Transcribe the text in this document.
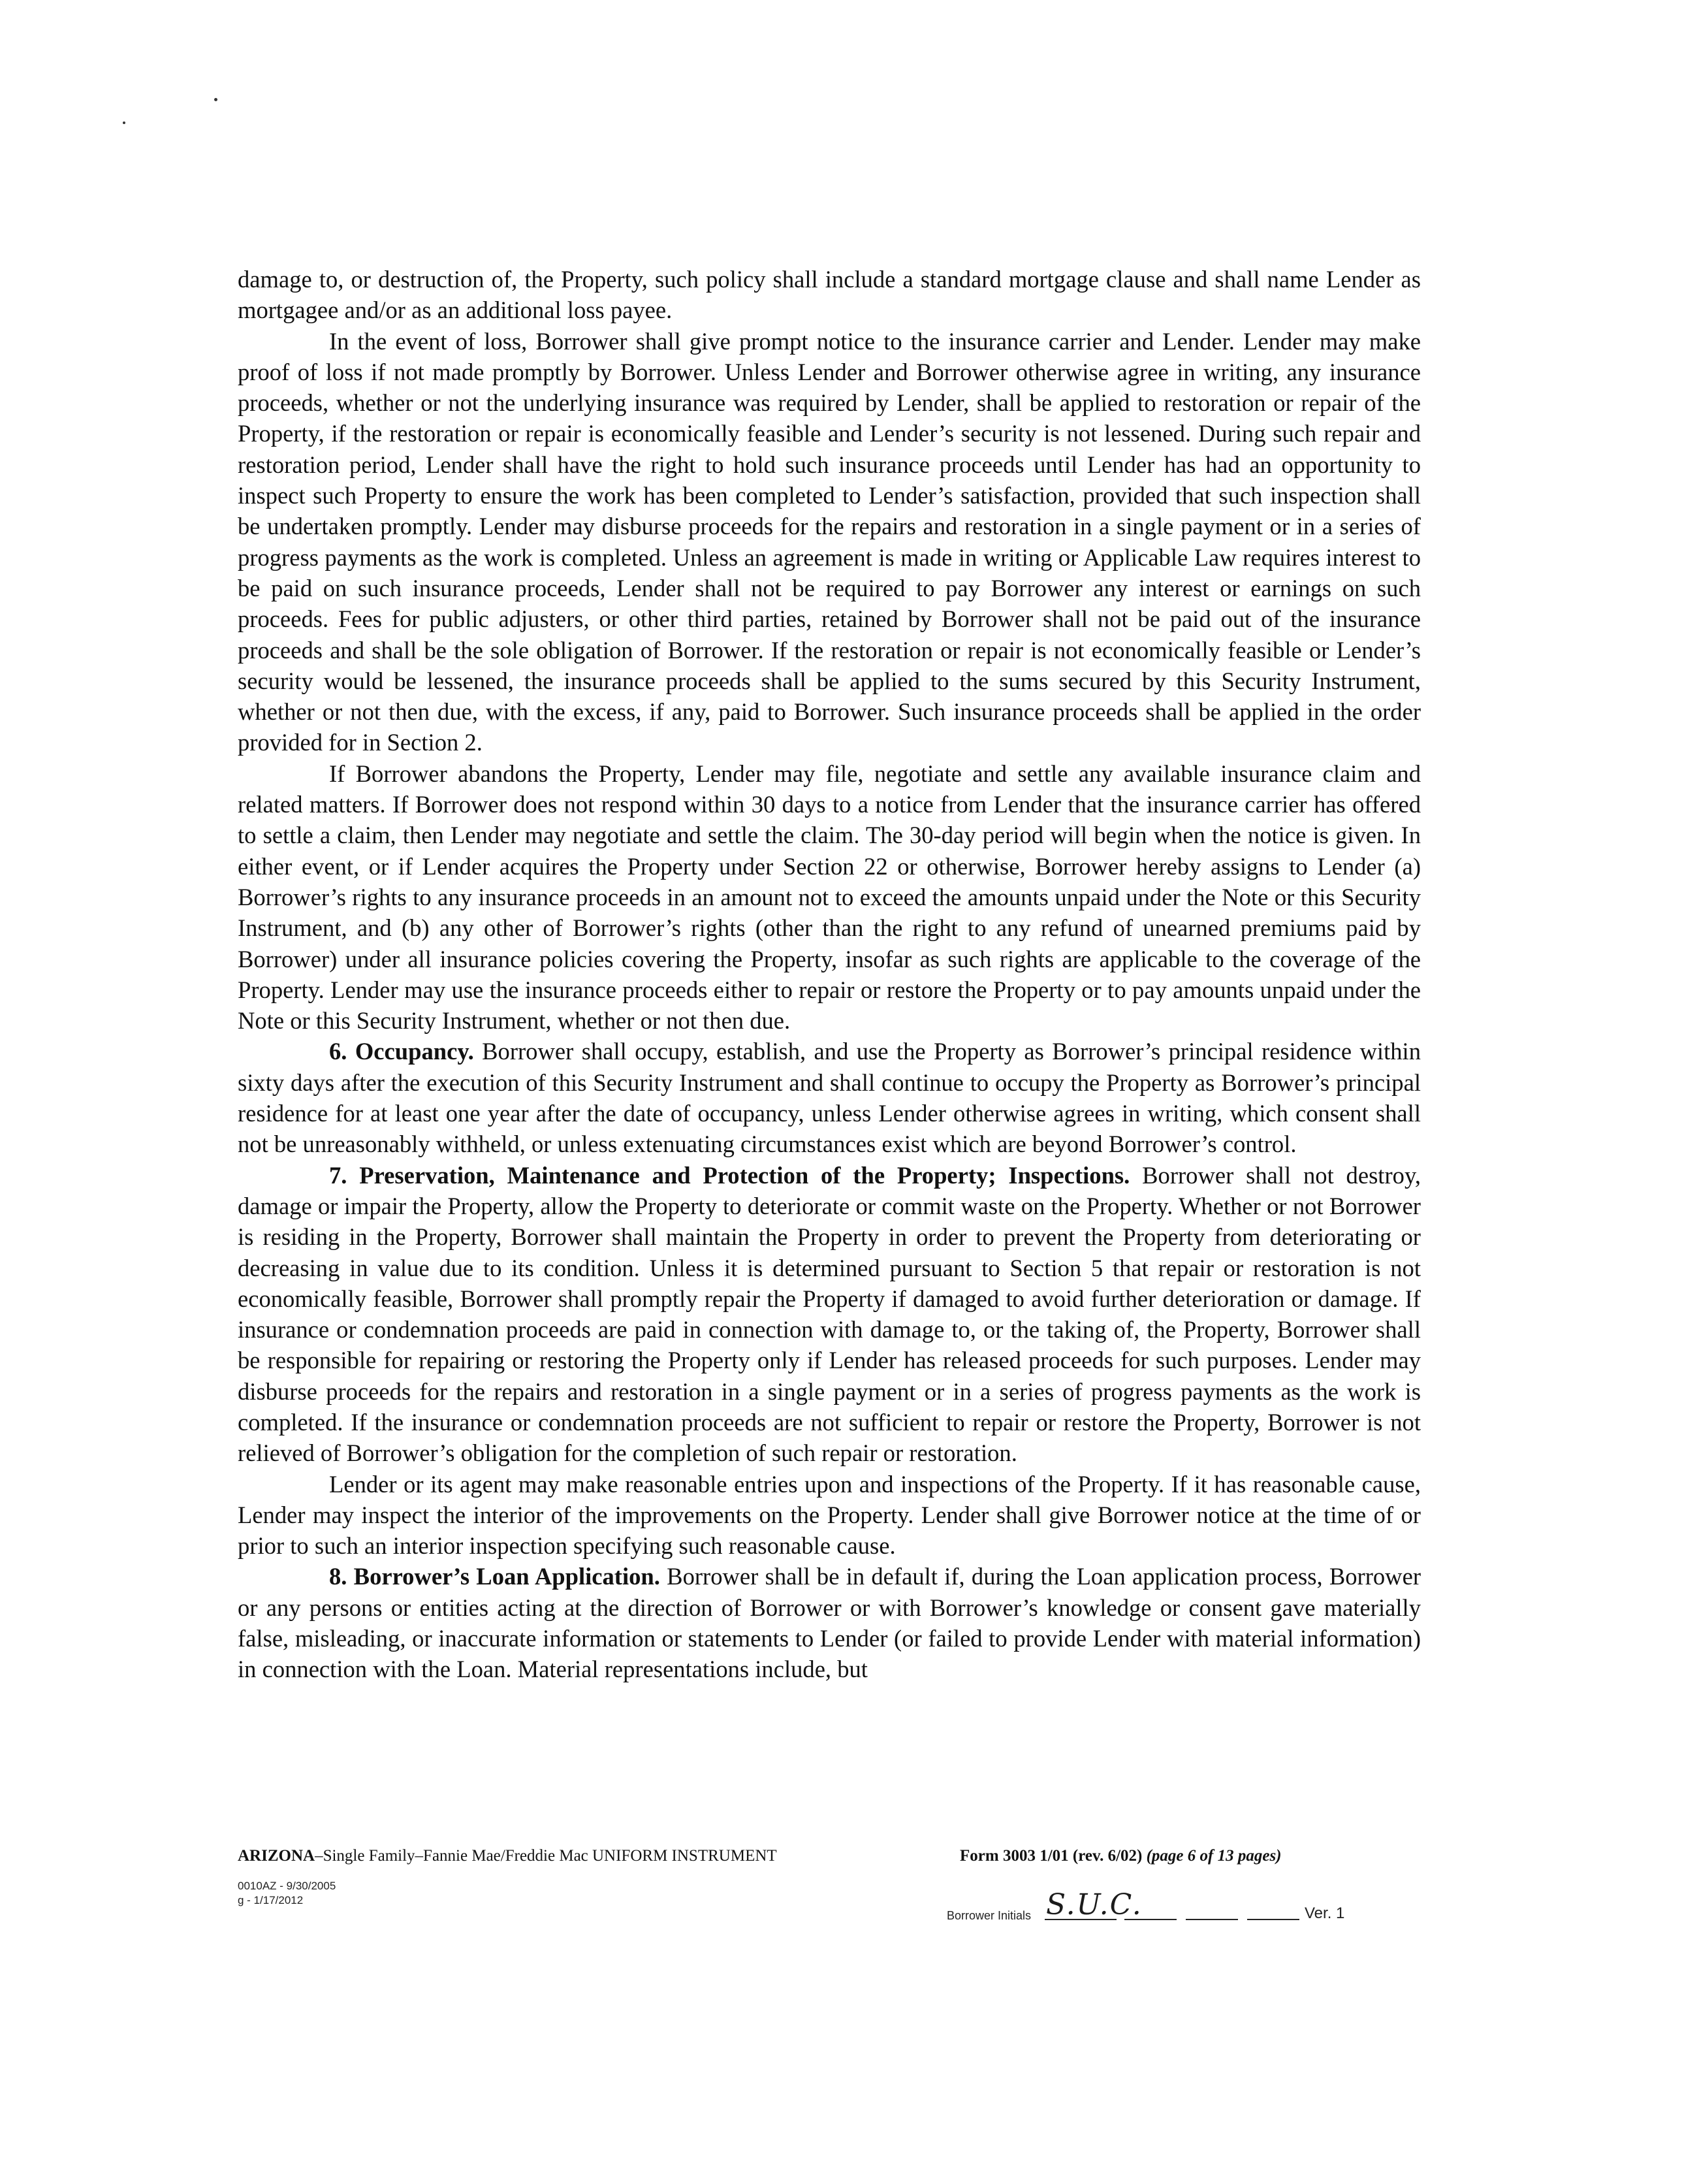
damage to, or destruction of, the Property, such policy shall include a standard mortgage clause and shall name Lender as mortgagee and/or as an additional loss payee.

In the event of loss, Borrower shall give prompt notice to the insurance carrier and Lender. Lender may make proof of loss if not made promptly by Borrower. Unless Lender and Borrower otherwise agree in writing, any insurance proceeds, whether or not the underlying insurance was required by Lender, shall be applied to restoration or repair of the Property, if the restoration or repair is economically feasible and Lender’s security is not lessened. During such repair and restoration period, Lender shall have the right to hold such insurance proceeds until Lender has had an opportunity to inspect such Property to ensure the work has been completed to Lender’s satisfaction, provided that such inspection shall be undertaken promptly. Lender may disburse proceeds for the repairs and restoration in a single payment or in a series of progress payments as the work is completed. Unless an agreement is made in writing or Applicable Law requires interest to be paid on such insurance proceeds, Lender shall not be required to pay Borrower any interest or earnings on such proceeds. Fees for public adjusters, or other third parties, retained by Borrower shall not be paid out of the insurance proceeds and shall be the sole obligation of Borrower. If the restoration or repair is not economically feasible or Lender’s security would be lessened, the insurance proceeds shall be applied to the sums secured by this Security Instrument, whether or not then due, with the excess, if any, paid to Borrower. Such insurance proceeds shall be applied in the order provided for in Section 2.

If Borrower abandons the Property, Lender may file, negotiate and settle any available insurance claim and related matters. If Borrower does not respond within 30 days to a notice from Lender that the insurance carrier has offered to settle a claim, then Lender may negotiate and settle the claim. The 30-day period will begin when the notice is given. In either event, or if Lender acquires the Property under Section 22 or otherwise, Borrower hereby assigns to Lender (a) Borrower’s rights to any insurance proceeds in an amount not to exceed the amounts unpaid under the Note or this Security Instrument, and (b) any other of Borrower’s rights (other than the right to any refund of unearned premiums paid by Borrower) under all insurance policies covering the Property, insofar as such rights are applicable to the coverage of the Property. Lender may use the insurance proceeds either to repair or restore the Property or to pay amounts unpaid under the Note or this Security Instrument, whether or not then due.

6. Occupancy. Borrower shall occupy, establish, and use the Property as Borrower’s principal residence within sixty days after the execution of this Security Instrument and shall continue to occupy the Property as Borrower’s principal residence for at least one year after the date of occupancy, unless Lender otherwise agrees in writing, which consent shall not be unreasonably withheld, or unless extenuating circumstances exist which are beyond Borrower’s control.

7. Preservation, Maintenance and Protection of the Property; Inspections. Borrower shall not destroy, damage or impair the Property, allow the Property to deteriorate or commit waste on the Property. Whether or not Borrower is residing in the Property, Borrower shall maintain the Property in order to prevent the Property from deteriorating or decreasing in value due to its condition. Unless it is determined pursuant to Section 5 that repair or restoration is not economically feasible, Borrower shall promptly repair the Property if damaged to avoid further deterioration or damage. If insurance or condemnation proceeds are paid in connection with damage to, or the taking of, the Property, Borrower shall be responsible for repairing or restoring the Property only if Lender has released proceeds for such purposes. Lender may disburse proceeds for the repairs and restoration in a single payment or in a series of progress payments as the work is completed. If the insurance or condemnation proceeds are not sufficient to repair or restore the Property, Borrower is not relieved of Borrower’s obligation for the completion of such repair or restoration.

Lender or its agent may make reasonable entries upon and inspections of the Property. If it has reasonable cause, Lender may inspect the interior of the improvements on the Property. Lender shall give Borrower notice at the time of or prior to such an interior inspection specifying such reasonable cause.

8. Borrower’s Loan Application. Borrower shall be in default if, during the Loan application process, Borrower or any persons or entities acting at the direction of Borrower or with Borrower’s knowledge or consent gave materially false, misleading, or inaccurate information or statements to Lender (or failed to provide Lender with material information) in connection with the Loan. Material representations include, but

ARIZONA–Single Family–Fannie Mae/Freddie Mac UNIFORM INSTRUMENT	Form 3003 1/01 (rev. 6/02) (page 6 of 13 pages)
0010AZ - 9/30/2005
g - 1/17/2012
Borrower Initials S.U.C.	Ver. 1
